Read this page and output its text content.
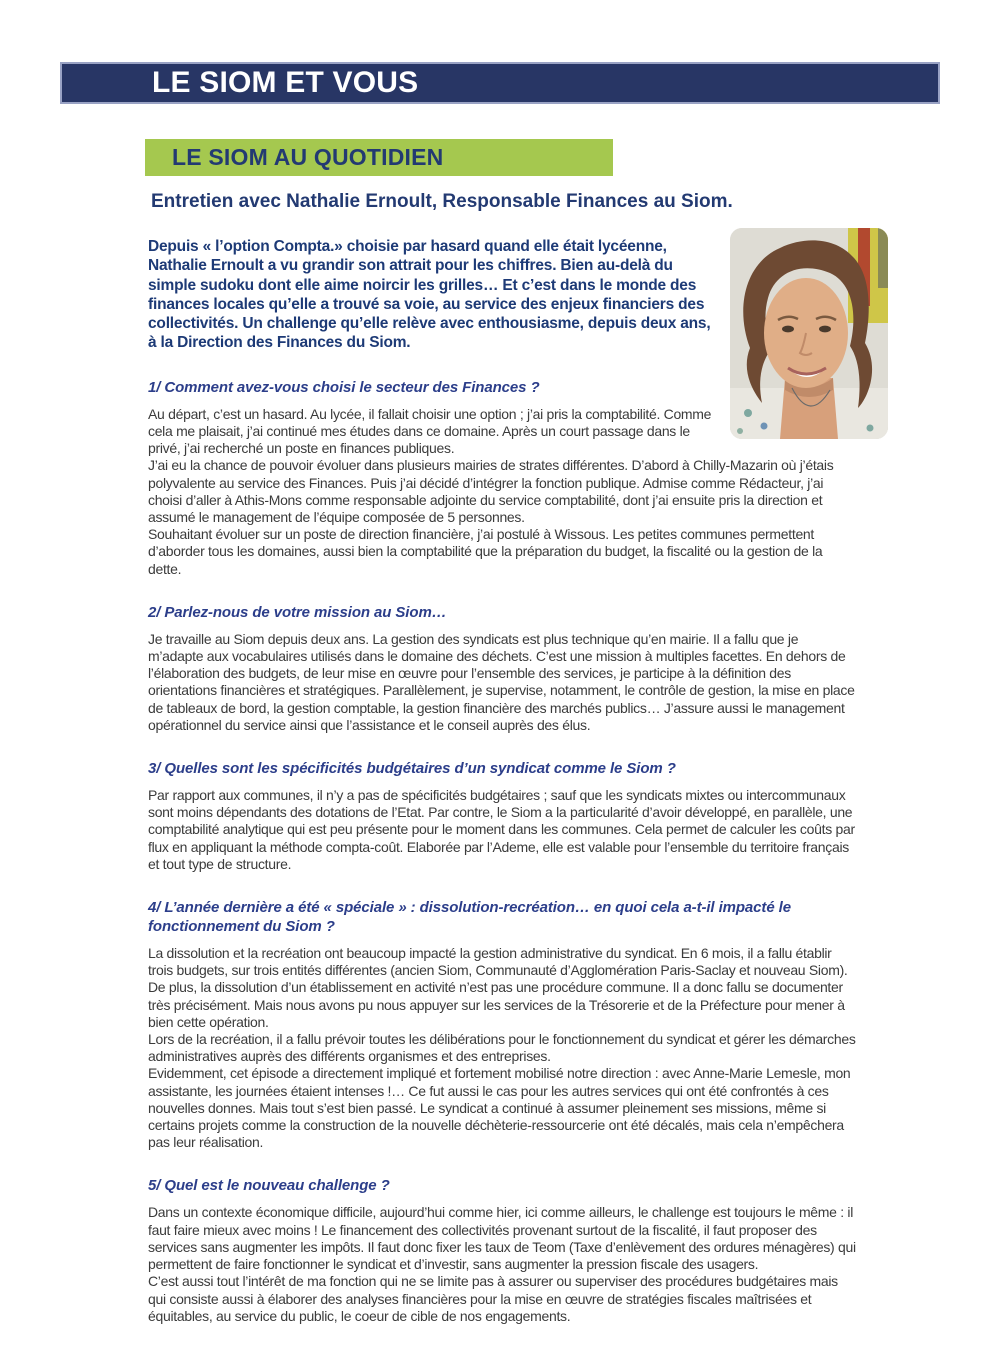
LE SIOM ET VOUS
LE SIOM AU QUOTIDIEN
Entretien avec Nathalie Ernoult, Responsable Finances au Siom.

Depuis « l’option Compta.» choisie par hasard quand elle était lycéenne, Nathalie Ernoult a vu grandir son attrait pour les chiffres. Bien au-delà du simple sudoku dont elle aime noircir les grilles… Et c’est dans le monde des finances locales qu’elle a trouvé sa voie, au service des enjeux financiers des collectivités. Un challenge qu’elle relève avec enthousiasme, depuis deux ans, à la Direction des Finances du Siom.

1/ Comment avez-vous choisi le secteur des Finances ?

Au départ, c’est un hasard. Au lycée, il fallait choisir une option ; j’ai pris la comptabilité. Comme cela me plaisait, j’ai continué mes études dans ce domaine. Après un court passage dans le privé, j’ai recherché un poste en finances publiques.

J’ai eu la chance de pouvoir évoluer dans plusieurs mairies de strates différentes. D’abord à Chilly-Mazarin où j’étais polyvalente au service des Finances. Puis j’ai décidé d’intégrer la fonction publique. Admise comme Rédacteur, j’ai choisi d’aller à Athis-Mons comme responsable adjointe du service comptabilité, dont j’ai ensuite pris la direction et assumé le management de l’équipe composée de 5 personnes.

Souhaitant évoluer sur un poste de direction financière, j’ai postulé à Wissous. Les petites communes permettent d’aborder tous les domaines, aussi bien la comptabilité que la préparation du budget, la fiscalité ou la gestion de la dette.

2/ Parlez-nous de votre mission au Siom…

Je travaille au Siom depuis deux ans. La gestion des syndicats est plus technique qu’en mairie. Il a fallu que je m’adapte aux vocabulaires utilisés dans le domaine des déchets. C’est une mission à multiples facettes. En dehors de l’élaboration des budgets, de leur mise en œuvre pour l’ensemble des services, je participe à la définition des orientations financières et stratégiques. Parallèlement, je supervise, notamment, le contrôle de gestion, la mise en place de tableaux de bord, la gestion comptable, la gestion financière des marchés publics… J’assure aussi le management opérationnel du service ainsi que l’assistance et le conseil auprès des élus.

3/ Quelles sont les spécificités budgétaires d’un syndicat comme le Siom ?

Par rapport aux communes, il n’y a pas de spécificités budgétaires ; sauf que les syndicats mixtes ou intercommunaux sont moins dépendants des dotations de l’Etat. Par contre, le Siom a la particularité d’avoir développé, en parallèle, une comptabilité analytique qui est peu présente pour le moment dans les communes. Cela permet de calculer les coûts par flux en appliquant la méthode compta-coût. Elaborée par l’Ademe, elle est valable pour l’ensemble du territoire français et tout type de structure.

4/ L’année dernière a été « spéciale » : dissolution-recréation… en quoi cela a-t-il impacté le fonctionnement du Siom ?

La dissolution et la recréation ont beaucoup impacté la gestion administrative du syndicat. En 6 mois, il a fallu établir trois budgets, sur trois entités différentes (ancien Siom, Communauté d’Agglomération Paris-Saclay et nouveau Siom). De plus, la dissolution d’un établissement en activité n’est pas une procédure commune. Il a donc fallu se documenter très précisément. Mais nous avons pu nous appuyer sur les services de la Trésorerie et de la Préfecture pour mener à bien cette opération.

Lors de la recréation, il a fallu prévoir toutes les délibérations pour le fonctionnement du syndicat et gérer les démarches administratives auprès des différents organismes et des entreprises.

Evidemment, cet épisode a directement impliqué et fortement mobilisé notre direction : avec Anne-Marie Lemesle, mon assistante, les journées étaient intenses !… Ce fut aussi le cas pour les autres services qui ont été confrontés à ces nouvelles donnes. Mais tout s’est bien passé. Le syndicat a continué à assumer pleinement ses missions, même si certains projets comme la construction de la nouvelle déchèterie-ressourcerie ont été décalés, mais cela n’empêchera pas leur réalisation.

5/ Quel est le nouveau challenge ?

Dans un contexte économique difficile, aujourd’hui comme hier, ici comme ailleurs, le challenge est toujours le même : il faut faire mieux avec moins ! Le financement des collectivités provenant surtout de la fiscalité, il faut proposer des services sans augmenter les impôts. Il faut donc fixer les taux de Teom (Taxe d’enlèvement des ordures ménagères) qui permettent de faire fonctionner le syndicat et d’investir, sans augmenter la pression fiscale des usagers.

C’est aussi tout l’intérêt de ma fonction qui ne se limite pas à assurer ou superviser des procédures budgétaires mais qui consiste aussi à élaborer des analyses financières pour la mise en œuvre de stratégies fiscales maîtrisées et équitables, au service du public, le coeur de cible de nos engagements.
